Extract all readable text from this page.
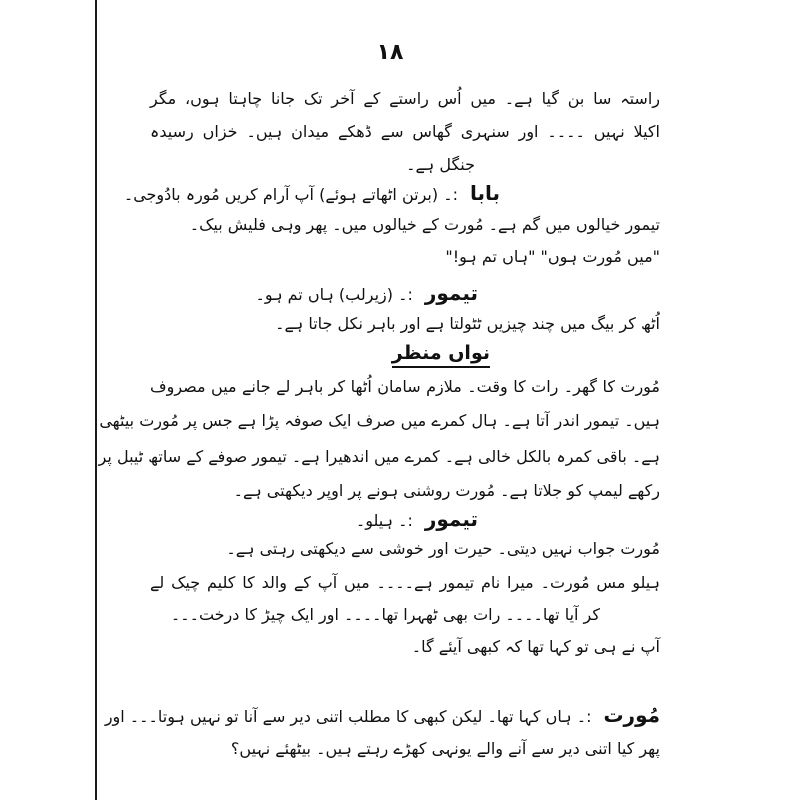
۱۸
راستہ سا بن گیا ہے۔ میں اُس راستے کے آخر تک جانا چاہتا ہوں، مگر
اکیلا نہیں ۔۔۔۔ اور سنہری گھاس سے ڈھکے میدان ہیں۔ خزاں رسیدہ
جنگل ہے۔
بابا:۔ (برتن اٹھاتے ہوئے) آپ آرام کریں مُورہ بادُوجی۔
تیمور خیالوں میں گم ہے۔ مُورت کے خیالوں میں۔ پھر وہی فلیش بیک۔
"میں مُورت ہوں" "ہاں تم ہو!"
تیمور:۔ (زیرلب) ہاں تم ہو۔
اُٹھ کر بیگ میں چند چیزیں ٹٹولتا ہے اور باہر نکل جاتا ہے۔
نواں منظر
مُورت کا گھر۔ رات کا وقت۔ ملازم سامان اُٹھا کر باہر لے جانے میں مصروف
ہیں۔ تیمور اندر آتا ہے۔ ہال کمرے میں صرف ایک صوفہ پڑا ہے جس پر مُورت بیٹھی
ہے۔ باقی کمرہ بالکل خالی ہے۔ کمرے میں اندھیرا ہے۔ تیمور صوفے کے ساتھ ٹیبل پر
رکھے لیمپ کو جلاتا ہے۔ مُورت روشنی ہونے پر اوپر دیکھتی ہے۔
تیمور:۔ ہیلو۔
مُورت جواب نہیں دیتی۔ حیرت اور خوشی سے دیکھتی رہتی ہے۔
ہیلو مس مُورت۔ میرا نام تیمور ہے۔۔۔۔ میں آپ کے والد کا کلیم چیک لے
کر آیا تھا۔۔۔۔ رات بھی ٹھہرا تھا۔۔۔۔ اور ایک چیڑ کا درخت۔۔۔
آپ نے ہی تو کہا تھا کہ کبھی آیئے گا۔
مُورت:۔ ہاں کہا تھا۔ لیکن کبھی کا مطلب اتنی دیر سے آنا تو نہیں ہوتا۔۔۔ اور
پھر کیا اتنی دیر سے آنے والے یونہی کھڑے رہتے ہیں۔ بیٹھئے نہیں؟
